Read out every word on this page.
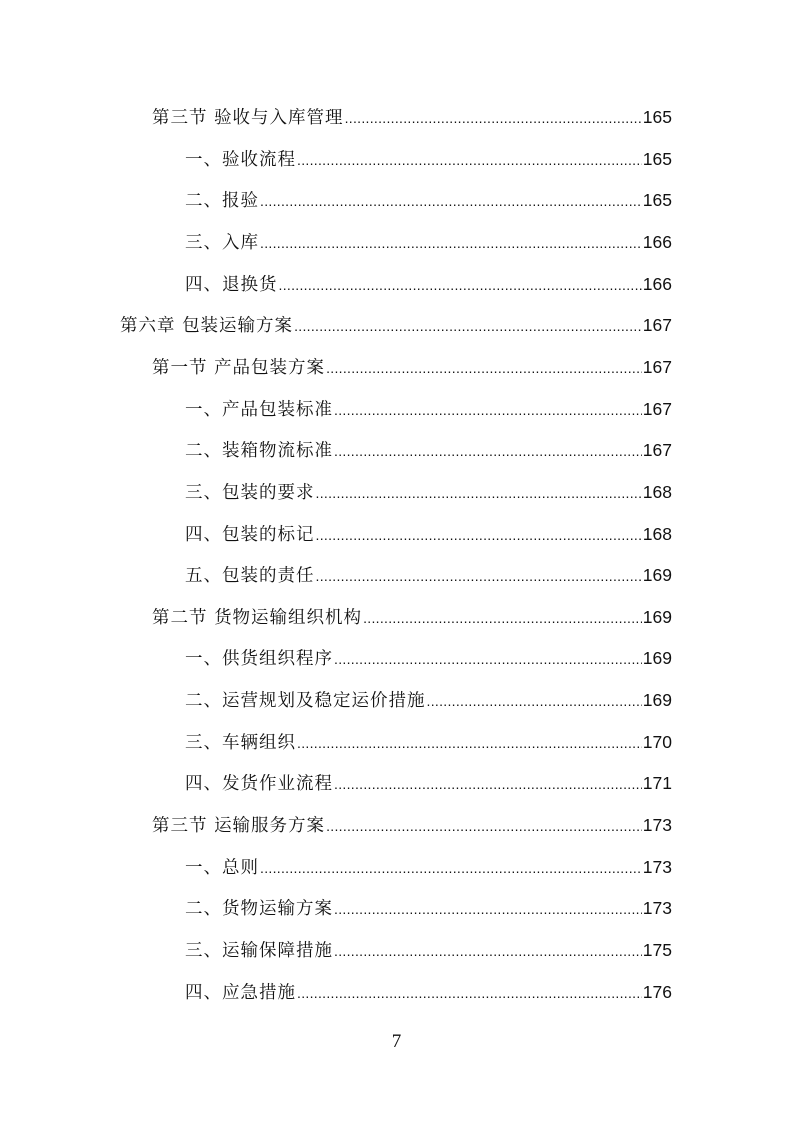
第三节 验收与入库管理 .....	165
一、验收流程 .....	165
二、报验 .....	165
三、入库 .....	166
四、退换货 .....	166
第六章 包装运输方案 .....	167
第一节 产品包装方案 .....	167
一、产品包装标准 .....	167
二、装箱物流标准 .....	167
三、包装的要求 .....	168
四、包装的标记 .....	168
五、包装的责任 .....	169
第二节 货物运输组织机构 .....	169
一、供货组织程序 .....	169
二、运营规划及稳定运价措施 .....	169
三、车辆组织 .....	170
四、发货作业流程 .....	171
第三节 运输服务方案 .....	173
一、总则 .....	173
二、货物运输方案 .....	173
三、运输保障措施 .....	175
四、应急措施 .....	176
7
